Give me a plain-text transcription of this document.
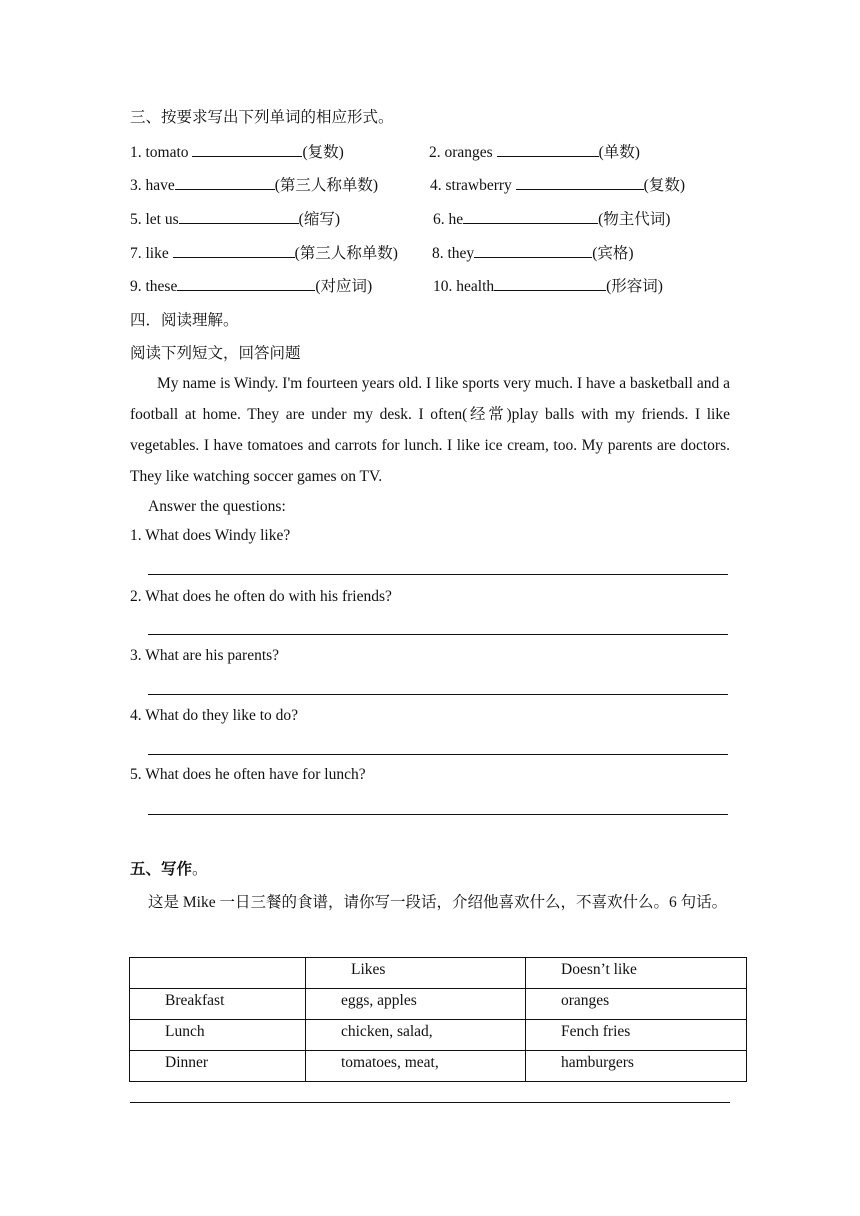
三、按要求写出下列单词的相应形式。
1. tomato	(复数)	2. oranges	(单数)
3. have	(第三人称单数)	4. strawberry	(复数)
5. let us	(缩写)	6. he	(物主代词)
7. like	(第三人称单数) 8. they	(宾格)
9. these	(对应词)	10. health	(形容词)
四．阅读理解。
阅读下列短文，回答问题
My name is Windy. I'm fourteen years old. I like sports very much. I have a basketball and a football at home. They are under my desk. I often(经常)play balls with my friends. I like vegetables. I have tomatoes and carrots for lunch. I like ice cream, too. My parents are doctors. They like watching soccer games on TV.
Answer the questions:
1. What does Windy like?
2. What does he often do with his friends?
3. What are his parents?
4. What do they like to do?
5. What does he often have for lunch?
五、写作。
这是 Mike 一日三餐的食谱，请你写一段话，介绍他喜欢什么，不喜欢什么。6 句话。

	Likes	Doesn’t like

Breakfast	eggs, apples	oranges

Lunch	chicken, salad,	Fench fries

Dinner	tomatoes, meat,	hamburgers
